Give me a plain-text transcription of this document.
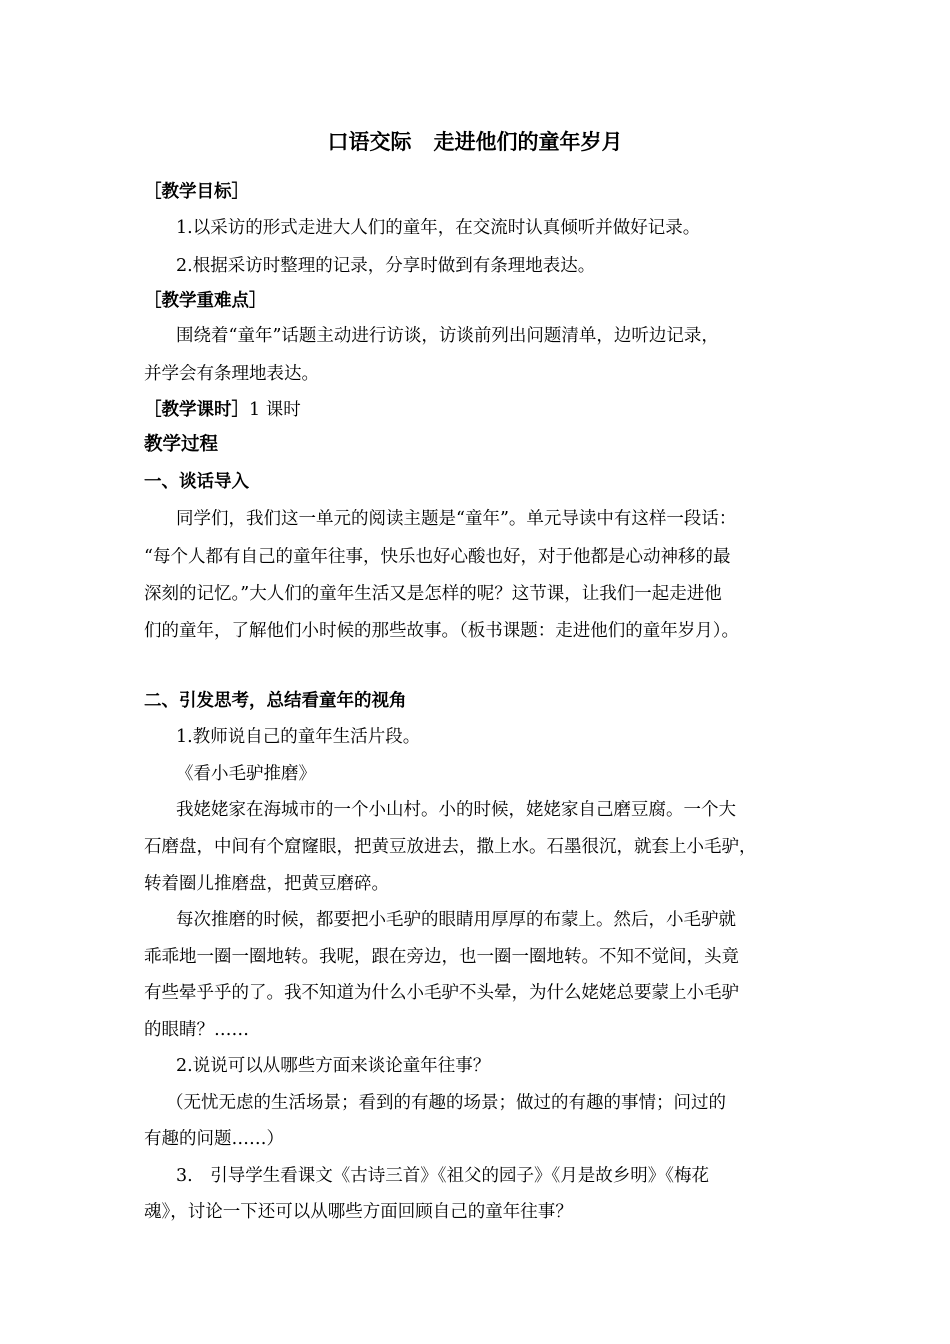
口语交际 走进他们的童年岁月
［教学目标］
1.以采访的形式走进大人们的童年，在交流时认真倾听并做好记录。
2.根据采访时整理的记录，分享时做到有条理地表达。
［教学重难点］
围绕着“童年”话题主动进行访谈，访谈前列出问题清单，边听边记录，
并学会有条理地表达。
［教学课时］1 课时
教学过程
一、谈话导入
同学们，我们这一单元的阅读主题是“童年”。单元导读中有这样一段话：
“每个人都有自己的童年往事，快乐也好心酸也好，对于他都是心动神移的最
深刻的记忆。”大人们的童年生活又是怎样的呢？这节课，让我们一起走进他
们的童年，了解他们小时候的那些故事。（板书课题：走进他们的童年岁月）。
二、引发思考，总结看童年的视角
1.教师说自己的童年生活片段。
《看小毛驴推磨》
我姥姥家在海城市的一个小山村。小的时候，姥姥家自己磨豆腐。一个大
石磨盘，中间有个窟窿眼，把黄豆放进去，撒上水。石墨很沉，就套上小毛驴，
转着圈儿推磨盘，把黄豆磨碎。
每次推磨的时候，都要把小毛驴的眼睛用厚厚的布蒙上。然后，小毛驴就
乖乖地一圈一圈地转。我呢，跟在旁边，也一圈一圈地转。不知不觉间，头竟
有些晕乎乎的了。我不知道为什么小毛驴不头晕，为什么姥姥总要蒙上小毛驴
的眼睛？……
2.说说可以从哪些方面来谈论童年往事？
（无忧无虑的生活场景；看到的有趣的场景；做过的有趣的事情；问过的
有趣的问题……）
3.　引导学生看课文《古诗三首》《祖父的园子》《月是故乡明》《梅花
魂》，讨论一下还可以从哪些方面回顾自己的童年往事？
